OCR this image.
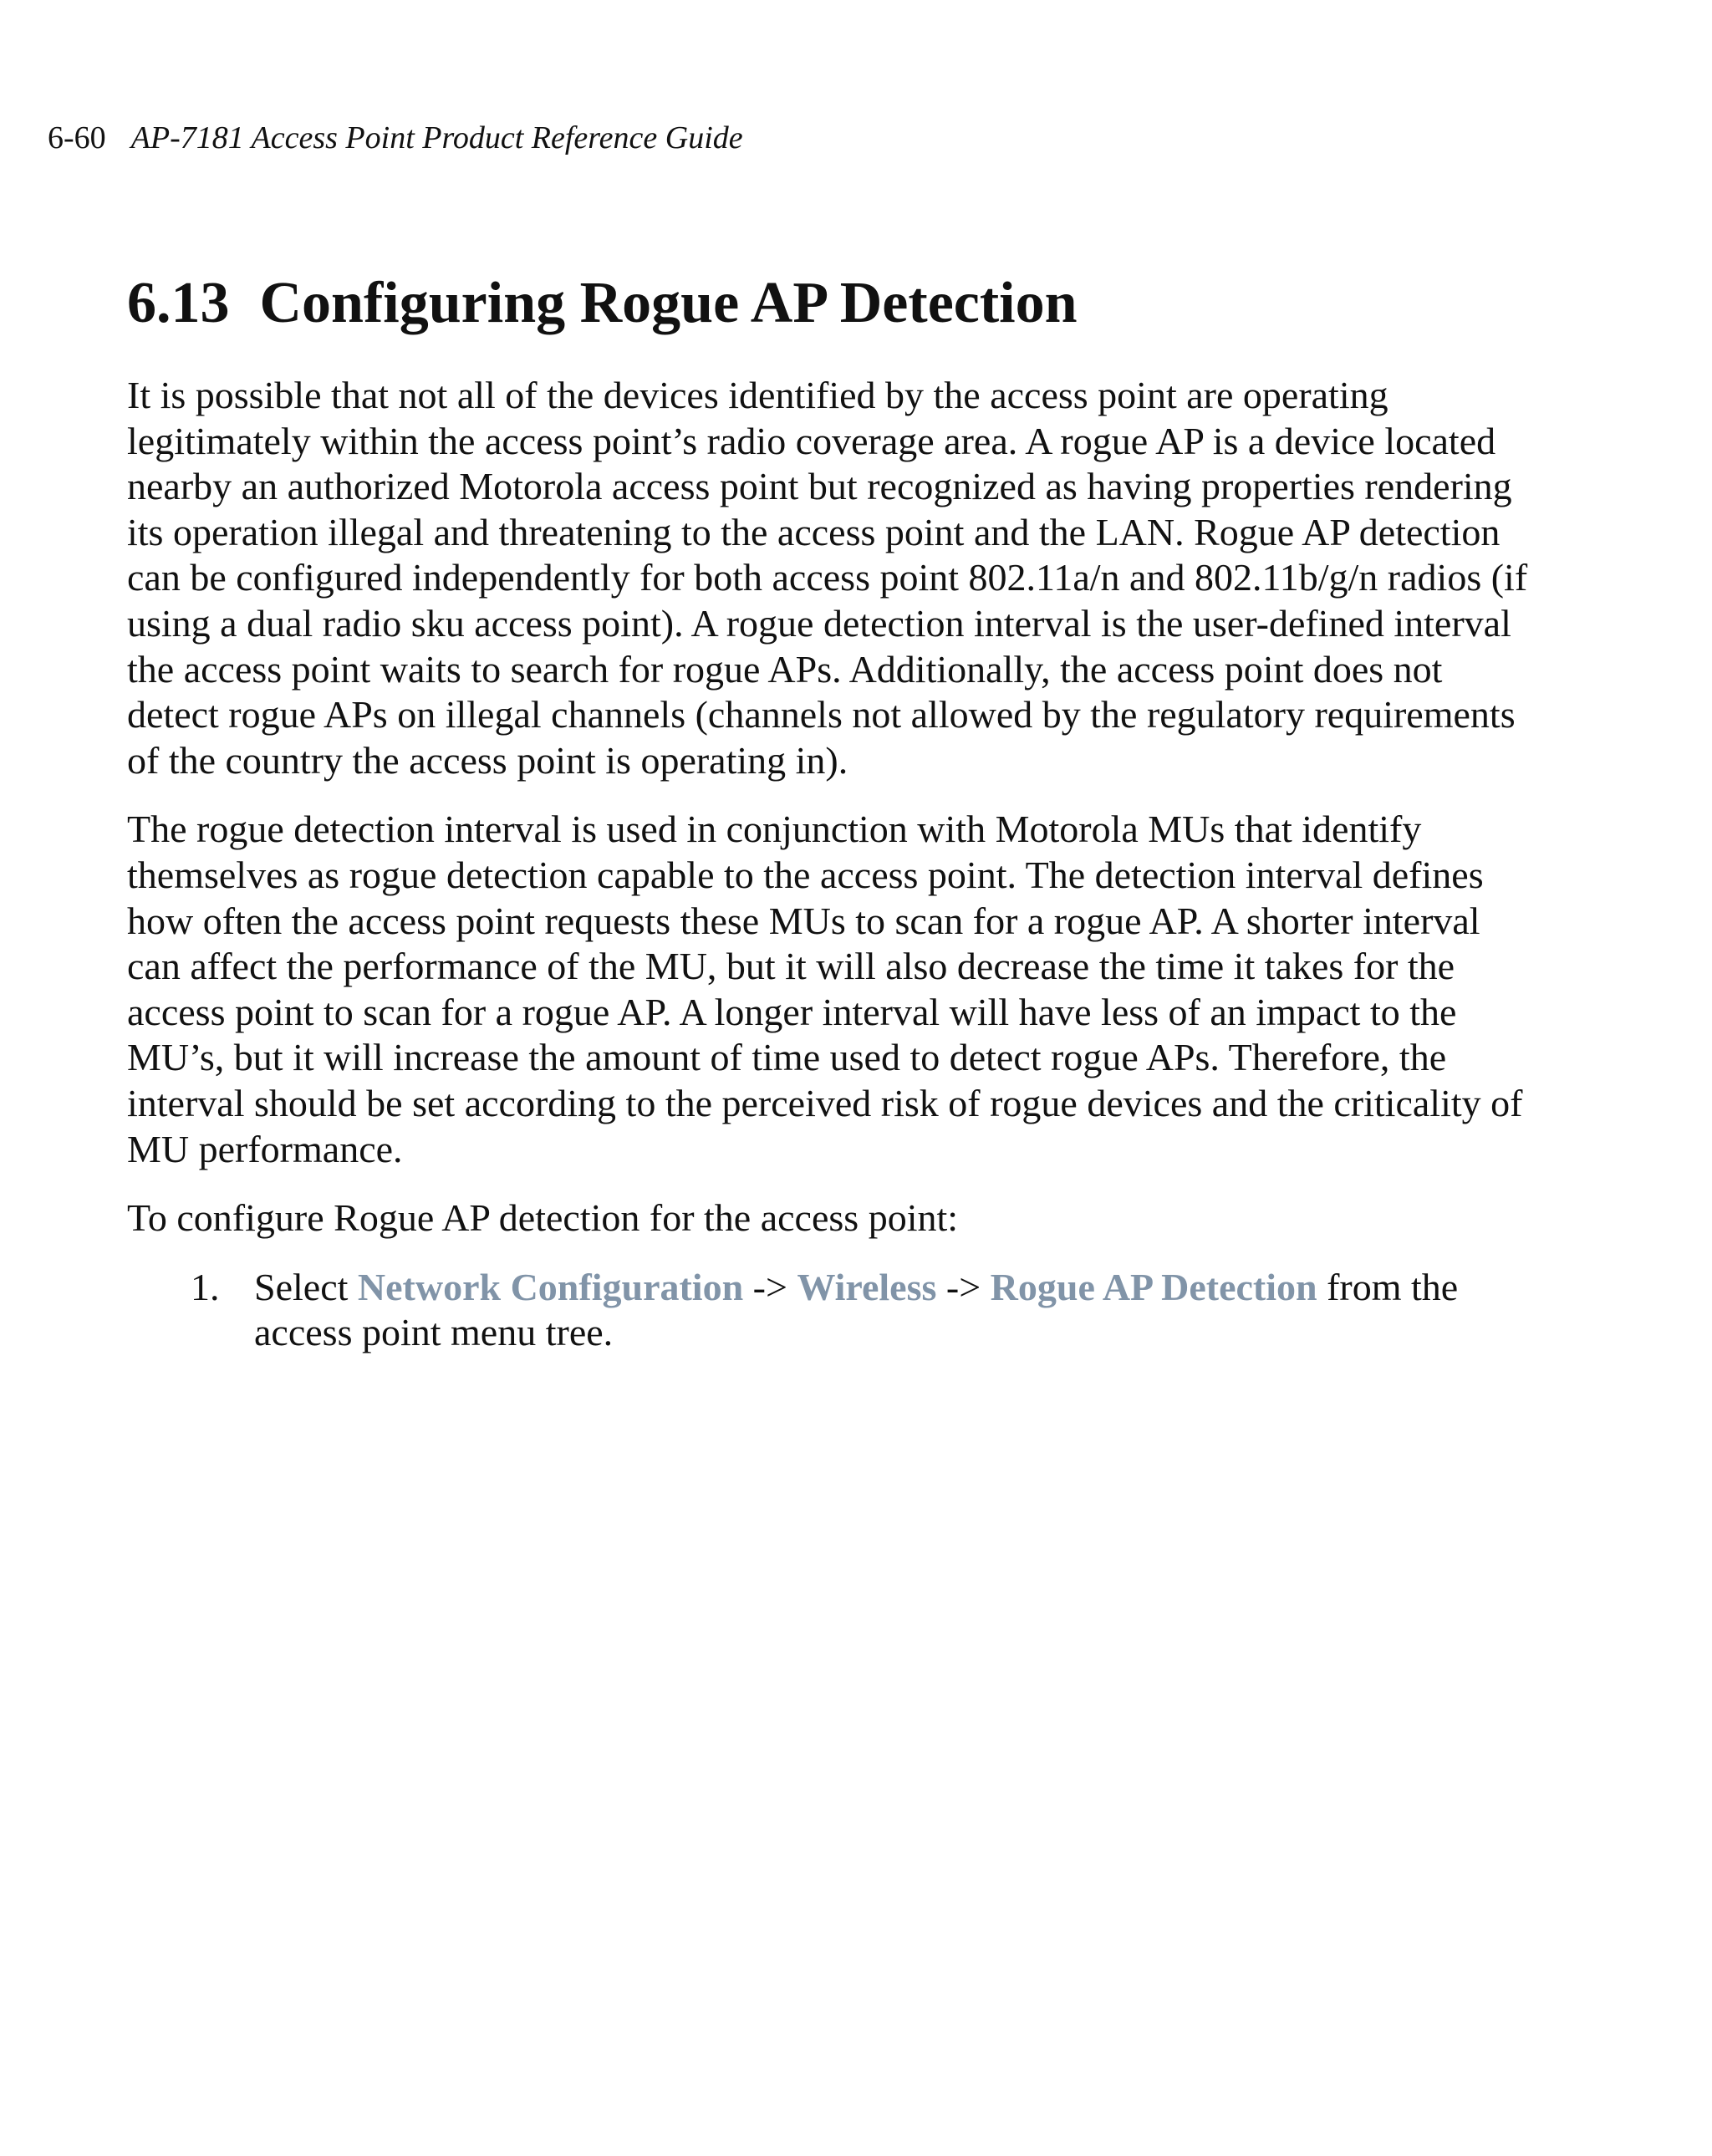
6-60 AP-7181 Access Point Product Reference Guide
6.13 Configuring Rogue AP Detection

It is possible that not all of the devices identified by the access point are operating legitimately within the access point’s radio coverage area. A rogue AP is a device located nearby an authorized Motorola access point but recognized as having properties rendering its operation illegal and threatening to the access point and the LAN. Rogue AP detection can be configured independently for both access point 802.11a/n and 802.11b/g/n radios (if using a dual radio sku access point). A rogue detection interval is the user-defined interval the access point waits to search for rogue APs. Additionally, the access point does not detect rogue APs on illegal channels (channels not allowed by the regulatory requirements of the country the access point is operating in).

The rogue detection interval is used in conjunction with Motorola MUs that identify themselves as rogue detection capable to the access point. The detection interval defines how often the access point requests these MUs to scan for a rogue AP. A shorter interval can affect the performance of the MU, but it will also decrease the time it takes for the access point to scan for a rogue AP. A longer interval will have less of an impact to the MU’s, but it will increase the amount of time used to detect rogue APs. Therefore, the interval should be set according to the perceived risk of rogue devices and the criticality of MU performance.

To configure Rogue AP detection for the access point:

1. Select Network Configuration -> Wireless -> Rogue AP Detection from the access point menu tree.
